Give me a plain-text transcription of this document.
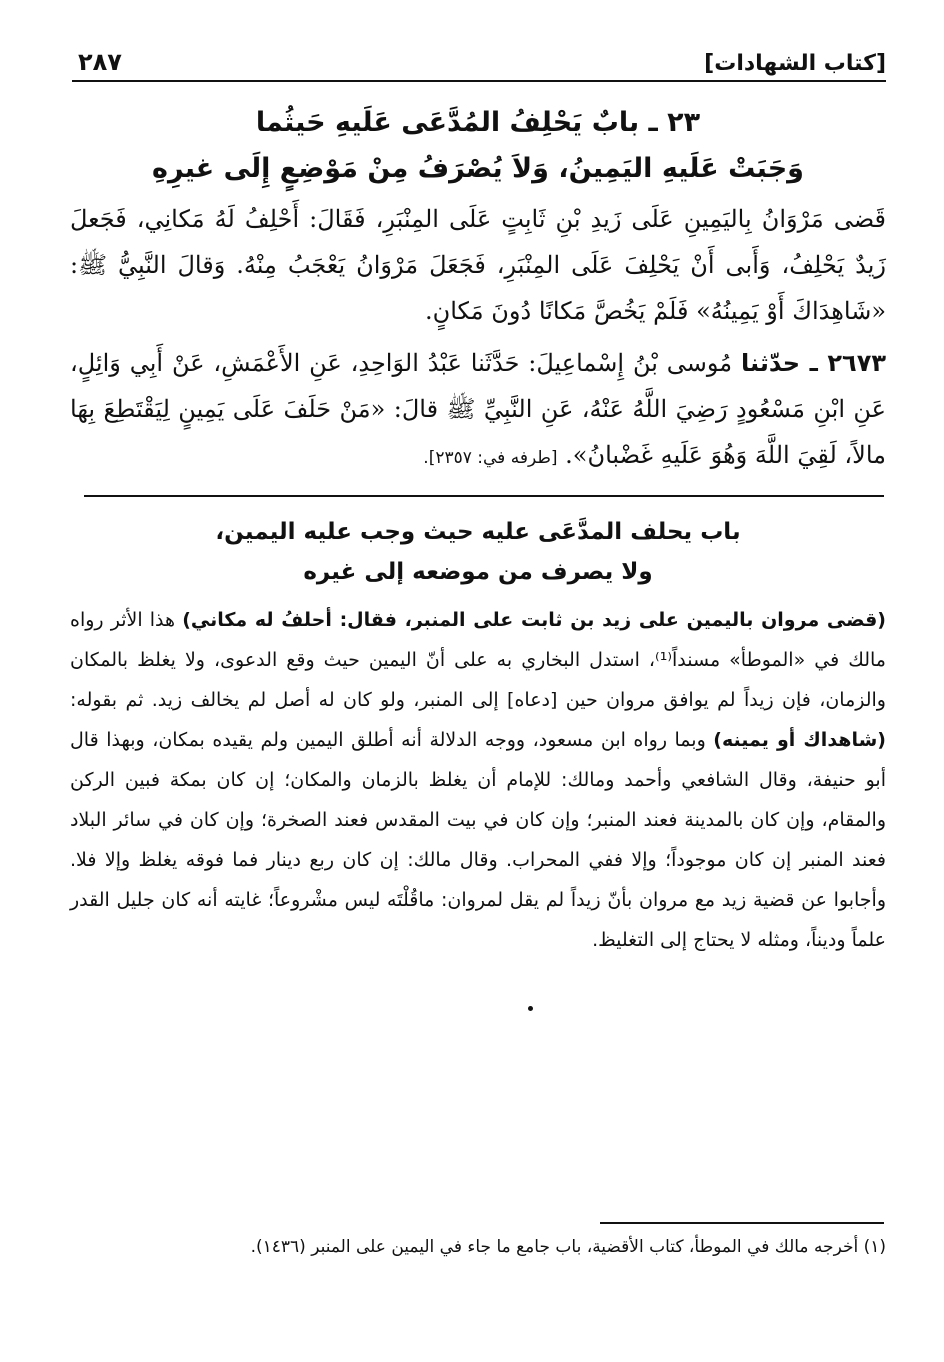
[كتاب الشهادات]
٢٨٧
٢٣ ـ بابٌ يَحْلِفُ المُدَّعَى عَلَيهِ حَيثُما
وَجَبَتْ عَلَيهِ اليَمِينُ، وَلاَ يُصْرَفُ مِنْ مَوْضِعٍ إِلَى غيرِهِ
قَضى مَرْوَانُ بِاليَمِينِ عَلَى زَيدِ بْنِ ثَابِتٍ عَلَى المِنْبَرِ، فَقَالَ: أَحْلِفُ لَهُ مَكانِي، فَجَعلَ زَيدٌ يَحْلِفُ، وَأَبى أَنْ يَحْلِفَ عَلَى المِنْبَرِ، فَجَعَلَ مَرْوَانُ يَعْجَبُ مِنْهُ. وَقالَ النَّبِيُّ ﷺ: «شَاهِدَاكَ أَوْ يَمِينُهُ» فَلَمْ يَخُصَّ مَكانًا دُونَ مَكانٍ.
٢٦٧٣ ـ حدّثنا مُوسى بْنُ إِسْماعِيلَ: حَدَّثَنا عَبْدُ الوَاحِدِ، عَنِ الأَعْمَشِ، عَنْ أَبِي وَائِلٍ، عَنِ ابْنِ مَسْعُودٍ رَضِيَ اللَّهُ عَنْهُ، عَنِ النَّبِيِّ ﷺ قالَ: «مَنْ حَلَفَ عَلَى يَمِينٍ لِيَقْتَطِعَ بِهَا مالاً، لَقِيَ اللَّهَ وَهُوَ عَلَيهِ غَضْبانُ». [طرفه في: ٢٣٥٧].
باب يحلف المدَّعَى عليه حيث وجب عليه اليمين،
ولا يصرف من موضعه إلى غيره
(قضى مروان باليمين على زيد بن ثابت على المنبر، فقال: أحلفُ له مكاني) هذا الأثر رواه مالك في «الموطأ» مسنداً⁽¹⁾، استدل البخاري به على أنّ اليمين حيث وقع الدعوى، ولا يغلظ بالمكان والزمان، فإن زيداً لم يوافق مروان حين [دعاه] إلى المنبر، ولو كان له أصل لم يخالف زيد. ثم بقوله: (شاهداك أو يمينه) وبما رواه ابن مسعود، ووجه الدلالة أنه أطلق اليمين ولم يقيده بمكان، وبهذا قال أبو حنيفة، وقال الشافعي وأحمد ومالك: للإمام أن يغلظ بالزمان والمكان؛ إن كان بمكة فبين الركن والمقام، وإن كان بالمدينة فعند المنبر؛ وإن كان في بيت المقدس فعند الصخرة؛ وإن كان في سائر البلاد فعند المنبر إن كان موجوداً؛ وإلا ففي المحراب. وقال مالك: إن كان ربع دينار فما فوقه يغلظ وإلا فلا. وأجابوا عن قضية زيد مع مروان بأنّ زيداً لم يقل لمروان: ماقُلْتَه ليس مشْروعاً؛ غايته أنه كان جليل القدر علماً وديناً، ومثله لا يحتاج إلى التغليظ.
(١) أخرجه مالك في الموطأ، كتاب الأقضية، باب جامع ما جاء في اليمين على المنبر (١٤٣٦).
